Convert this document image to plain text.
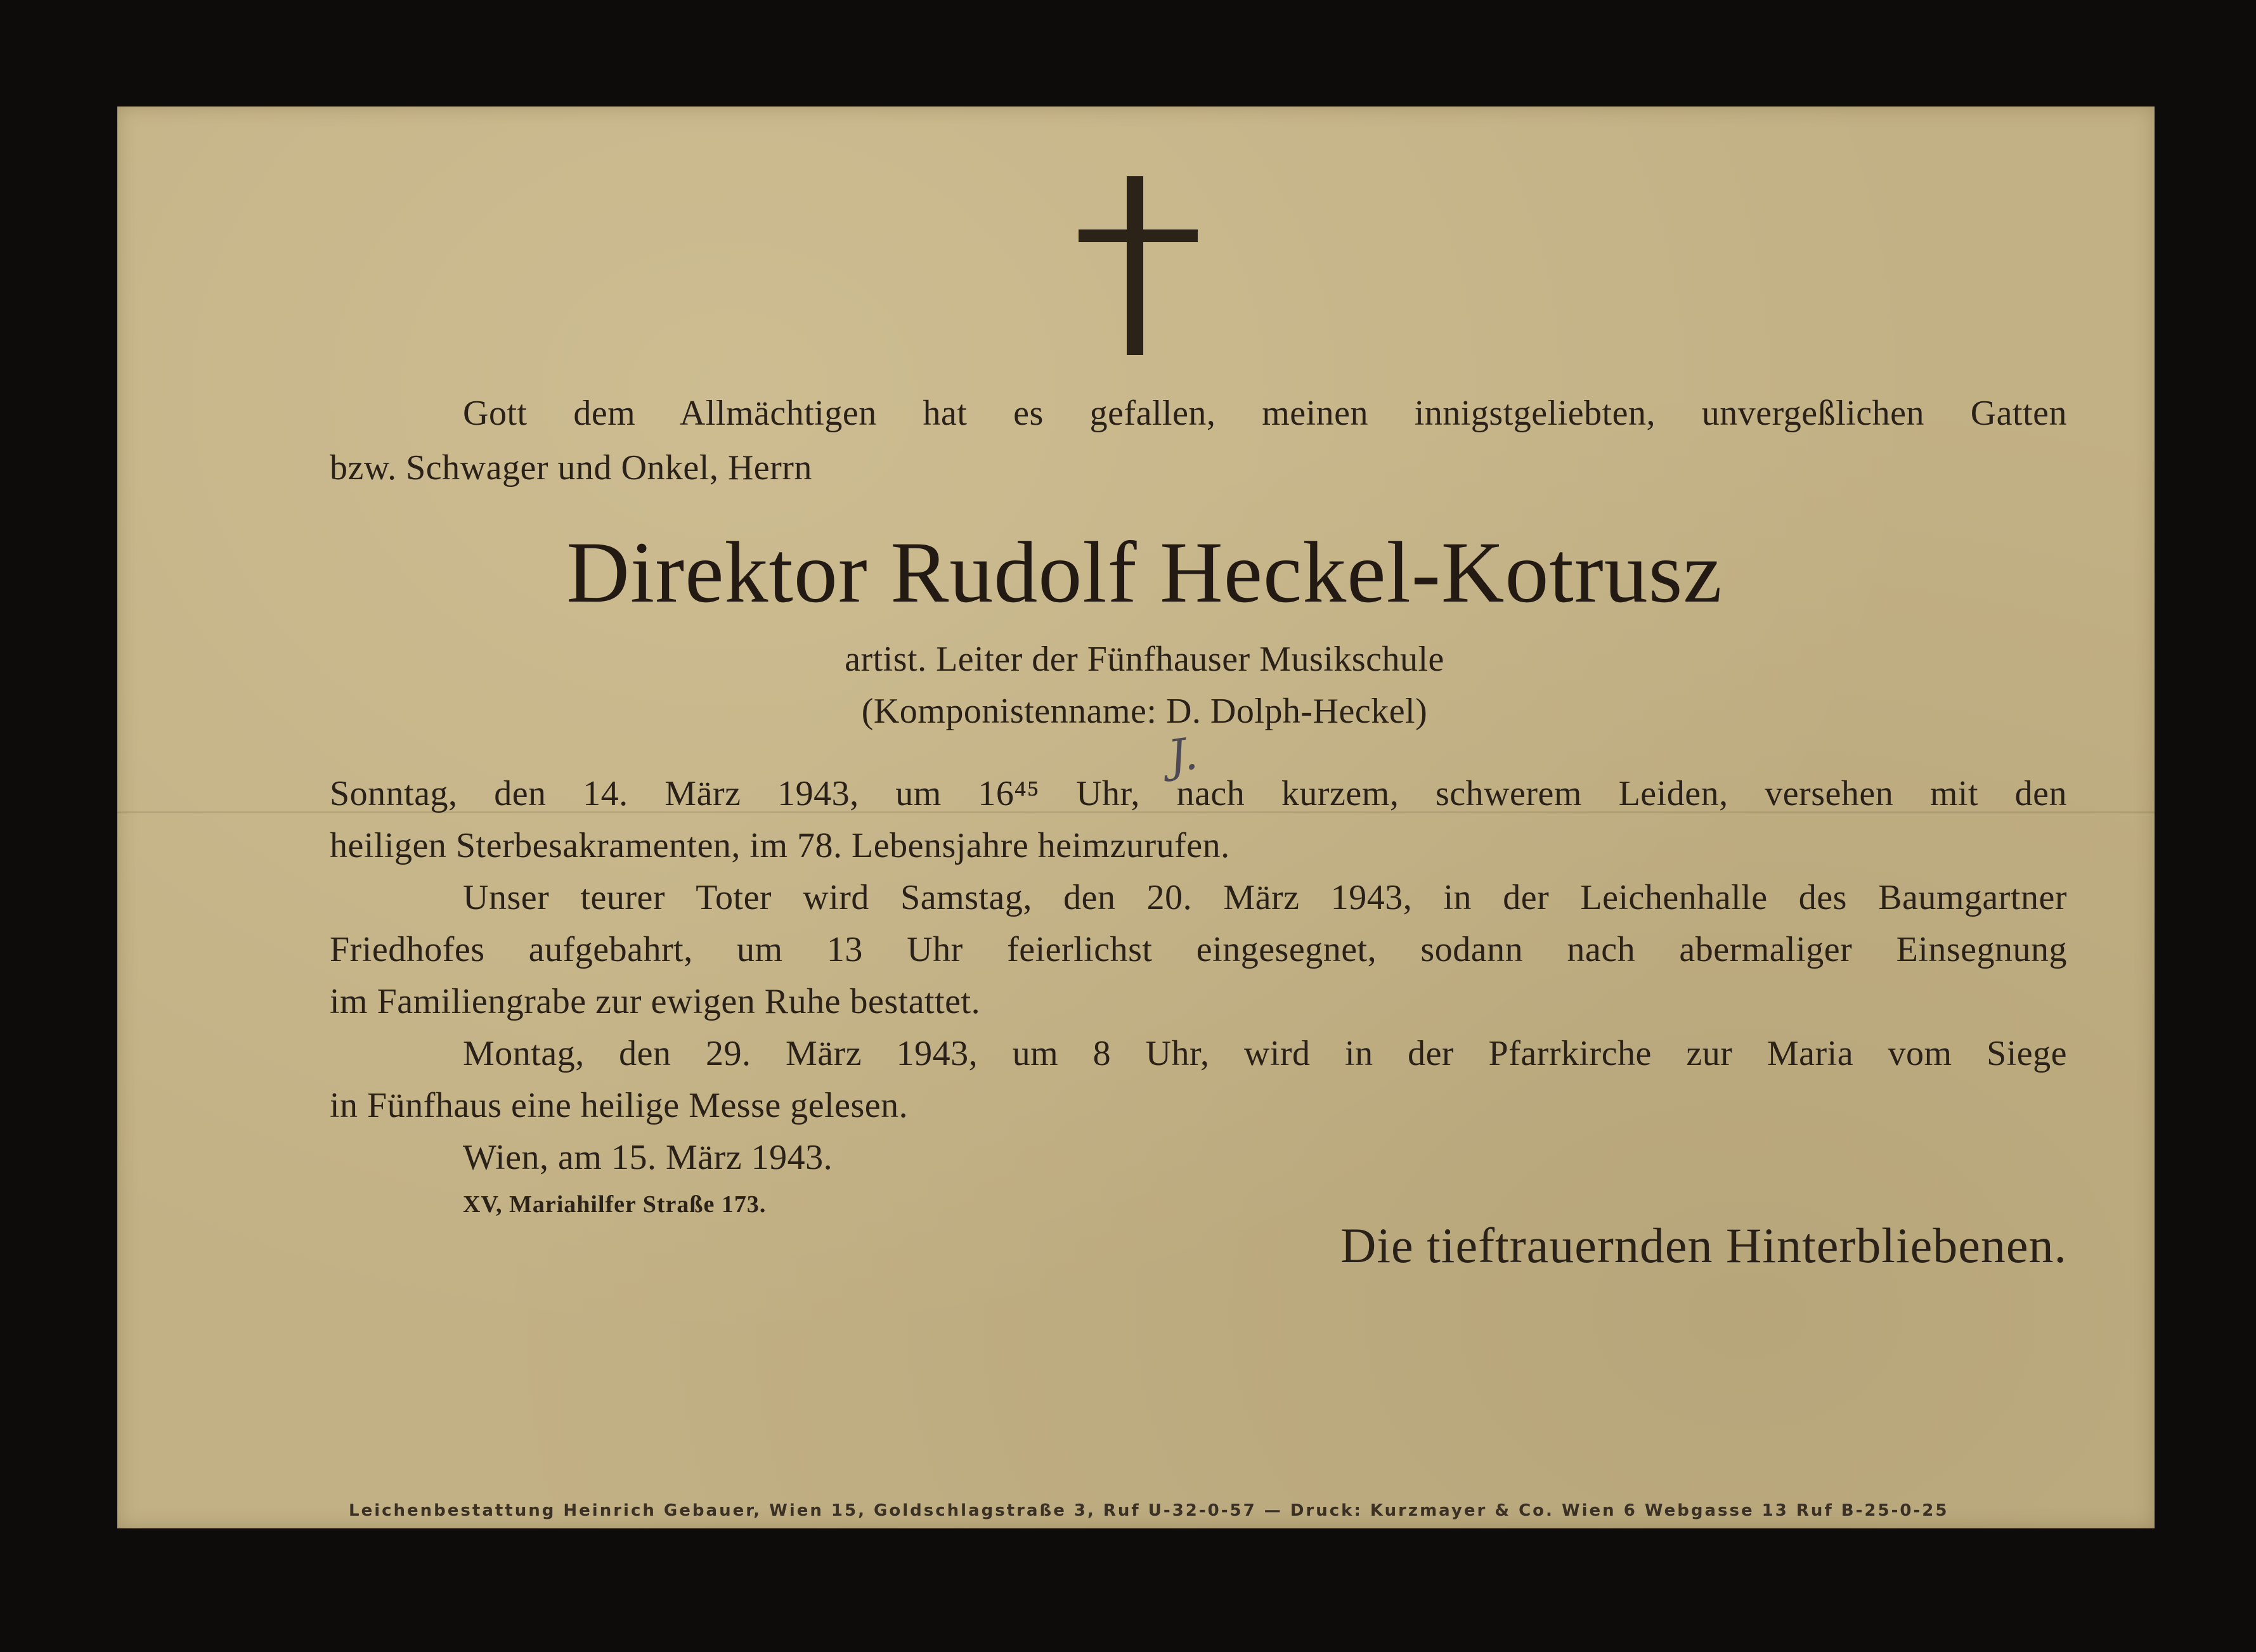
Gott dem Allmächtigen hat es gefallen, meinen innigstgeliebten, unvergeßlichen Gatten

bzw. Schwager und Onkel, Herrn

Direktor Rudolf Heckel-Kotrusz

artist. Leiter der Fünfhauser Musikschule

(Komponistenname: D. Dolph-Heckel)

J.

Sonntag, den 14. März 1943, um 16⁴⁵ Uhr, nach kurzem, schwerem Leiden, versehen mit den

heiligen Sterbesakramenten, im 78. Lebensjahre heimzurufen.

Unser teurer Toter wird Samstag, den 20. März 1943, in der Leichenhalle des Baumgartner

Friedhofes aufgebahrt, um 13 Uhr feierlichst eingesegnet, sodann nach abermaliger Einsegnung

im Familiengrabe zur ewigen Ruhe bestattet.

Montag, den 29. März 1943, um 8 Uhr, wird in der Pfarrkirche zur Maria vom Siege

in Fünfhaus eine heilige Messe gelesen.

Wien, am 15. März 1943.

XV, Mariahilfer Straße 173.

Die tieftrauernden Hinterbliebenen.

Leichenbestattung Heinrich Gebauer, Wien 15, Goldschlagstraße 3, Ruf U-32-0-57 — Druck: Kurzmayer & Co. Wien 6 Webgasse 13 Ruf B-25-0-25
